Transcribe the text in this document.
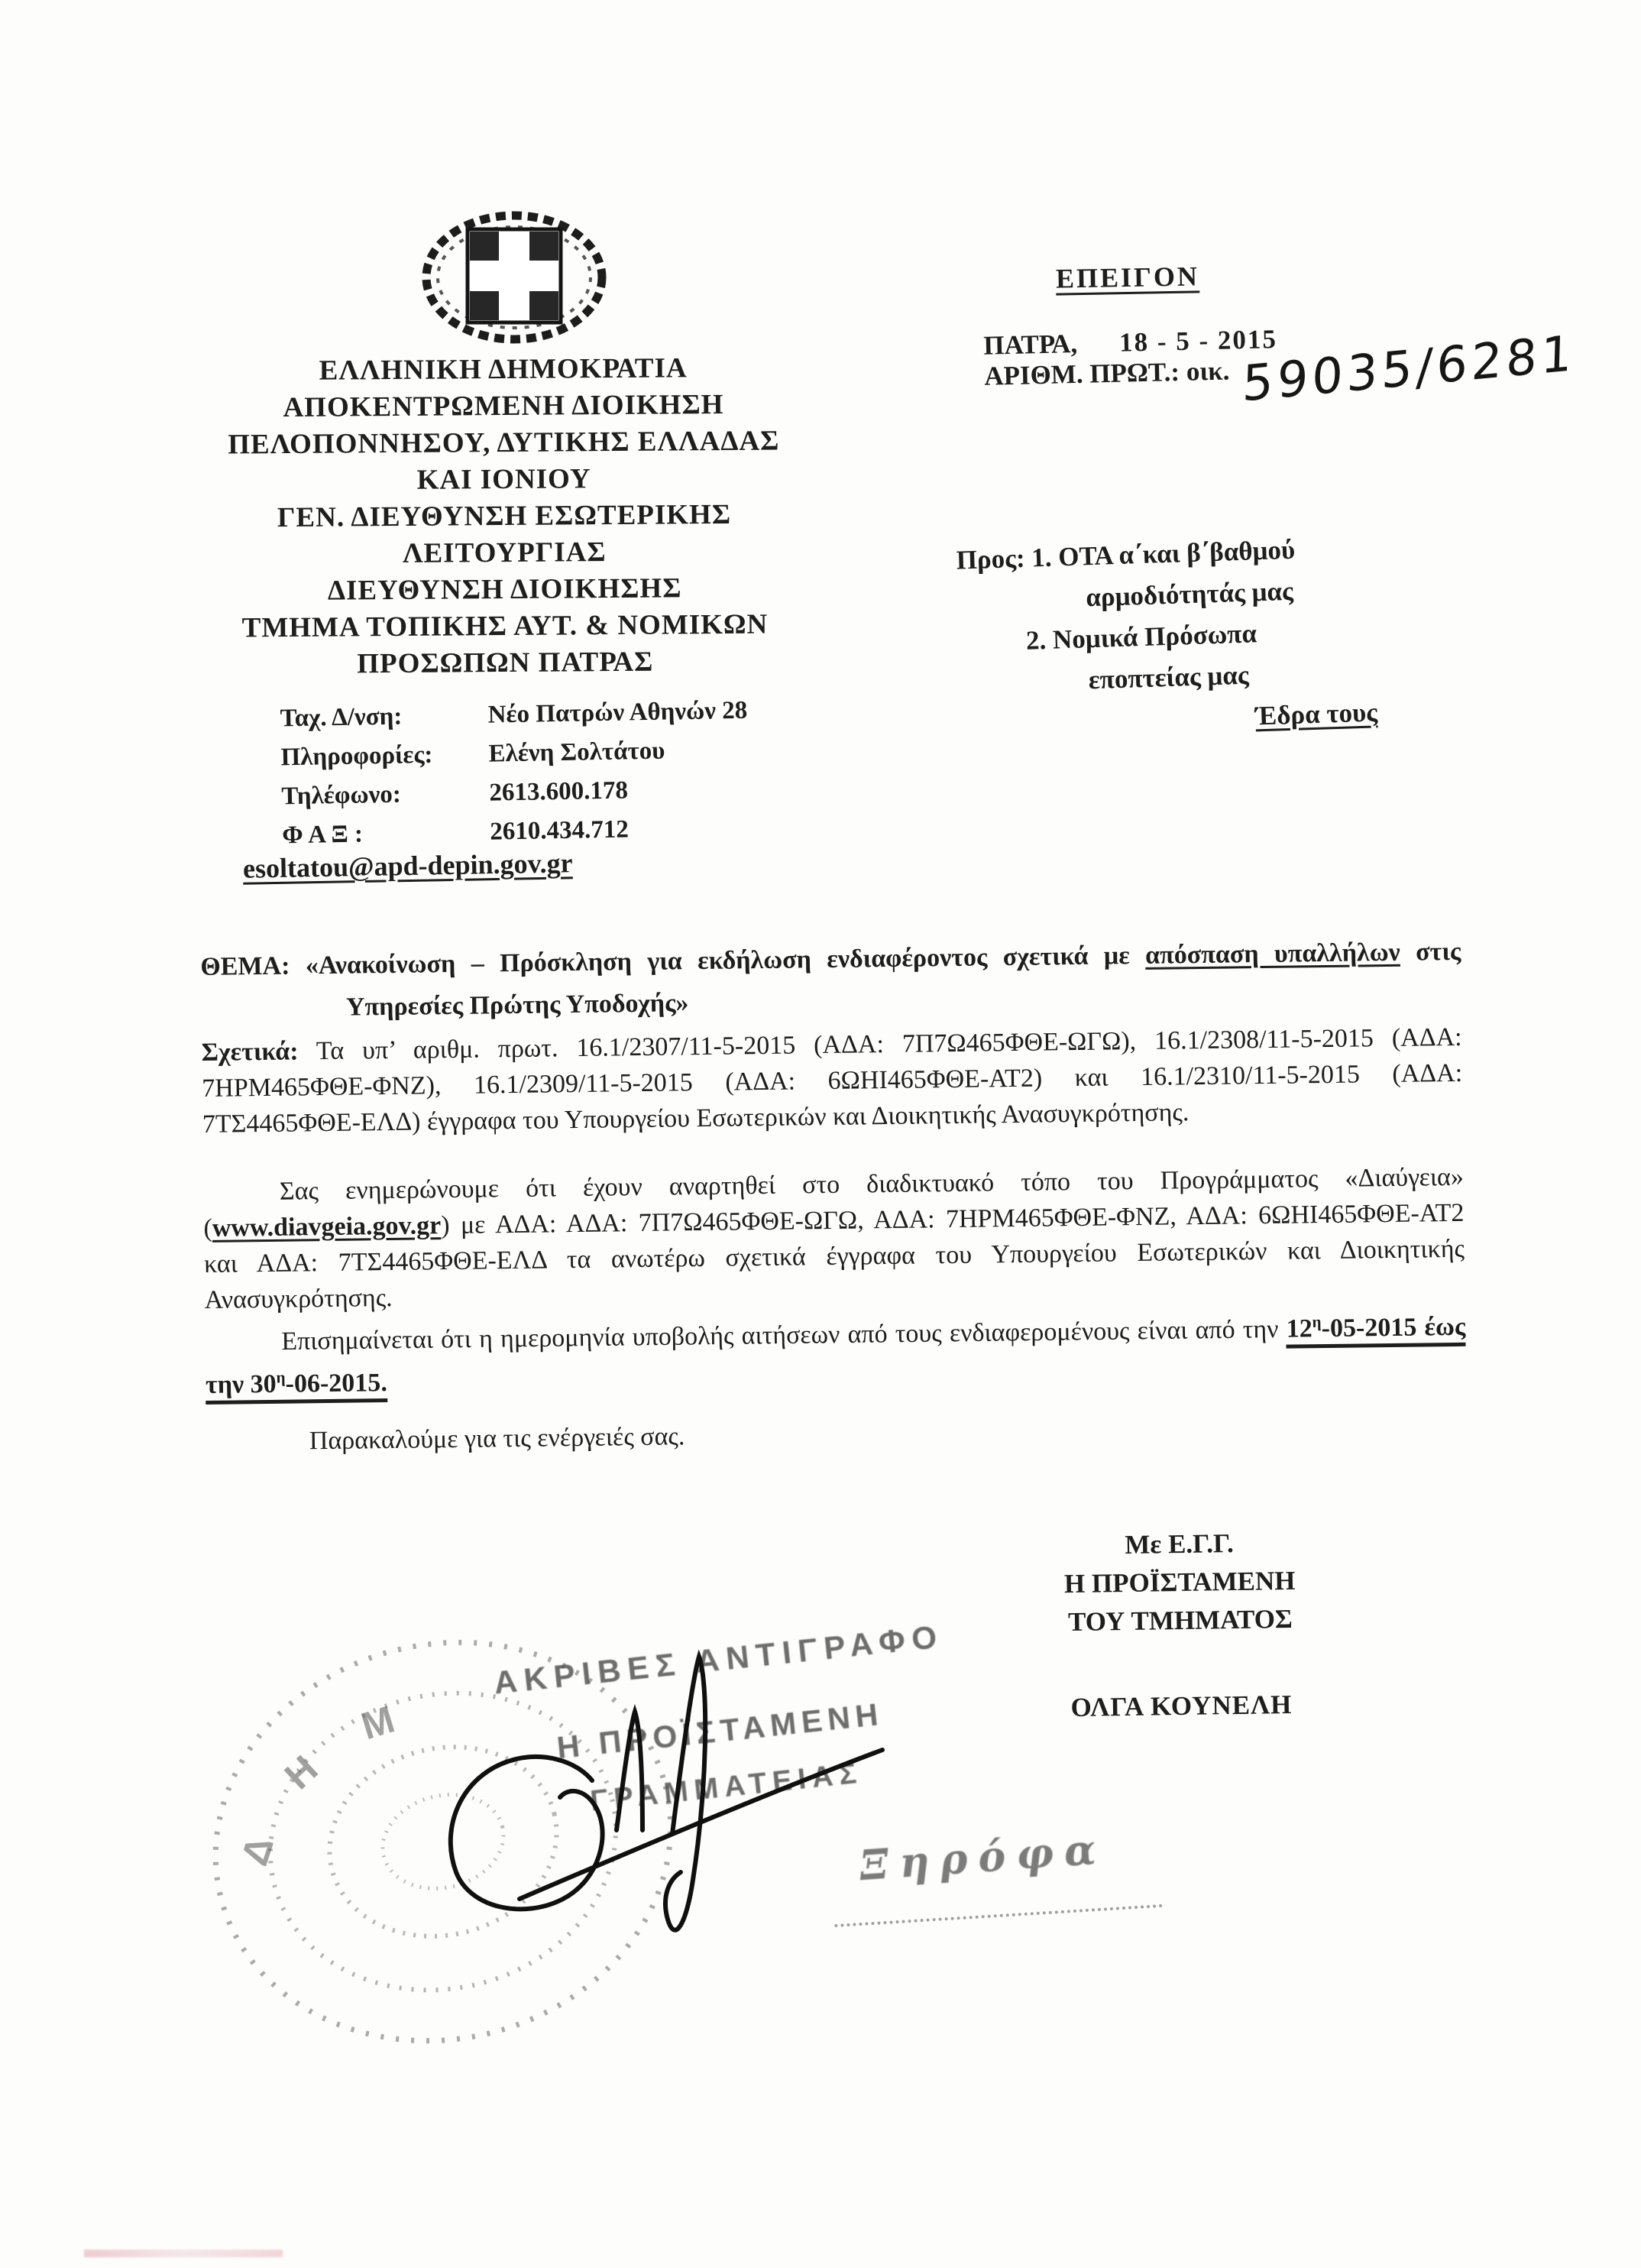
ΕΛΛΗΝΙΚΗ ΔΗΜΟΚΡΑΤΙΑ
ΑΠΟΚΕΝΤΡΩΜΕΝΗ ΔΙΟΙΚΗΣΗ
ΠΕΛΟΠΟΝΝΗΣΟΥ, ΔΥΤΙΚΗΣ ΕΛΛΑΔΑΣ
ΚΑΙ ΙΟΝΙΟΥ
ΓΕΝ. ΔΙΕΥΘΥΝΣΗ ΕΣΩΤΕΡΙΚΗΣ
ΛΕΙΤΟΥΡΓΙΑΣ
ΔΙΕΥΘΥΝΣΗ ΔΙΟΙΚΗΣΗΣ
ΤΜΗΜΑ ΤΟΠΙΚΗΣ ΑΥΤ. & ΝΟΜΙΚΩΝ
ΠΡΟΣΩΠΩΝ ΠΑΤΡΑΣ
ΕΠΕΙΓΟΝ
ΠΑΤΡΑ, 18 - 5 - 2015
ΑΡΙΘΜ. ΠΡΩΤ.: οικ. 59035/6281
Προς: 1. ΟΤΑ α΄και β΄βαθμού
αρμοδιότητάς μας
2. Νομικά Πρόσωπα
εποπτείας μας
Έδρα τους
Ταχ. Δ/νση:	Νέο Πατρών Αθηνών 28
Πληροφορίες: Ελένη Σολτάτου
Τηλέφωνο:	2613.600.178
Φ Α Ξ :	2610.434.712
esoltatou@apd-depin.gov.gr
ΘΕΜΑ: «Ανακοίνωση – Πρόσκληση για εκδήλωση ενδιαφέροντος σχετικά με απόσπαση υπαλλήλων στις Υπηρεσίες Πρώτης Υποδοχής»
Σχετικά: Τα υπ’ αριθμ. πρωτ. 16.1/2307/11-5-2015 (ΑΔΑ: 7Π7Ω465ΦΘΕ-ΩΓΩ), 16.1/2308/11-5-2015 (ΑΔΑ: 7ΗΡΜ465ΦΘΕ-ΦΝΖ), 16.1/2309/11-5-2015 (ΑΔΑ: 6ΩΗΙ465ΦΘΕ-ΑΤ2) και 16.1/2310/11-5-2015 (ΑΔΑ: 7ΤΣ4465ΦΘΕ-ΕΛΔ) έγγραφα του Υπουργείου Εσωτερικών και Διοικητικής Ανασυγκρότησης.
Σας ενημερώνουμε ότι έχουν αναρτηθεί στο διαδικτυακό τόπο του Προγράμματος «Διαύγεια» (www.diavgeia.gov.gr) με ΑΔΑ: ΑΔΑ: 7Π7Ω465ΦΘΕ-ΩΓΩ, ΑΔΑ: 7ΗΡΜ465ΦΘΕ-ΦΝΖ, ΑΔΑ: 6ΩΗΙ465ΦΘΕ-ΑΤ2 και ΑΔΑ: 7ΤΣ4465ΦΘΕ-ΕΛΔ τα ανωτέρω σχετικά έγγραφα του Υπουργείου Εσωτερικών και Διοικητικής Ανασυγκρότησης.
Επισημαίνεται ότι η ημερομηνία υποβολής αιτήσεων από τους ενδιαφερομένους είναι από την $12^\eta-05-2015$ έως την $30^\eta-06-2015$.
Παρακαλούμε για τις ενέργειές σας.
Με Ε.Γ.Γ.
Η ΠΡΟΪΣΤΑΜΕΝΗ
ΤΟΥ ΤΜΗΜΑΤΟΣ
ΟΛΓΑ ΚΟΥΝΕΛΗ
Δ Η Μ
ΑΚΡΙΒΕΣ ΑΝΤΙΓΡΑΦΟ
Η ΠΡΟΪΣΤΑΜΕΝΗ
ΓΡΑΜΜΑΤΕΙΑΣ
Ξηρόφα
